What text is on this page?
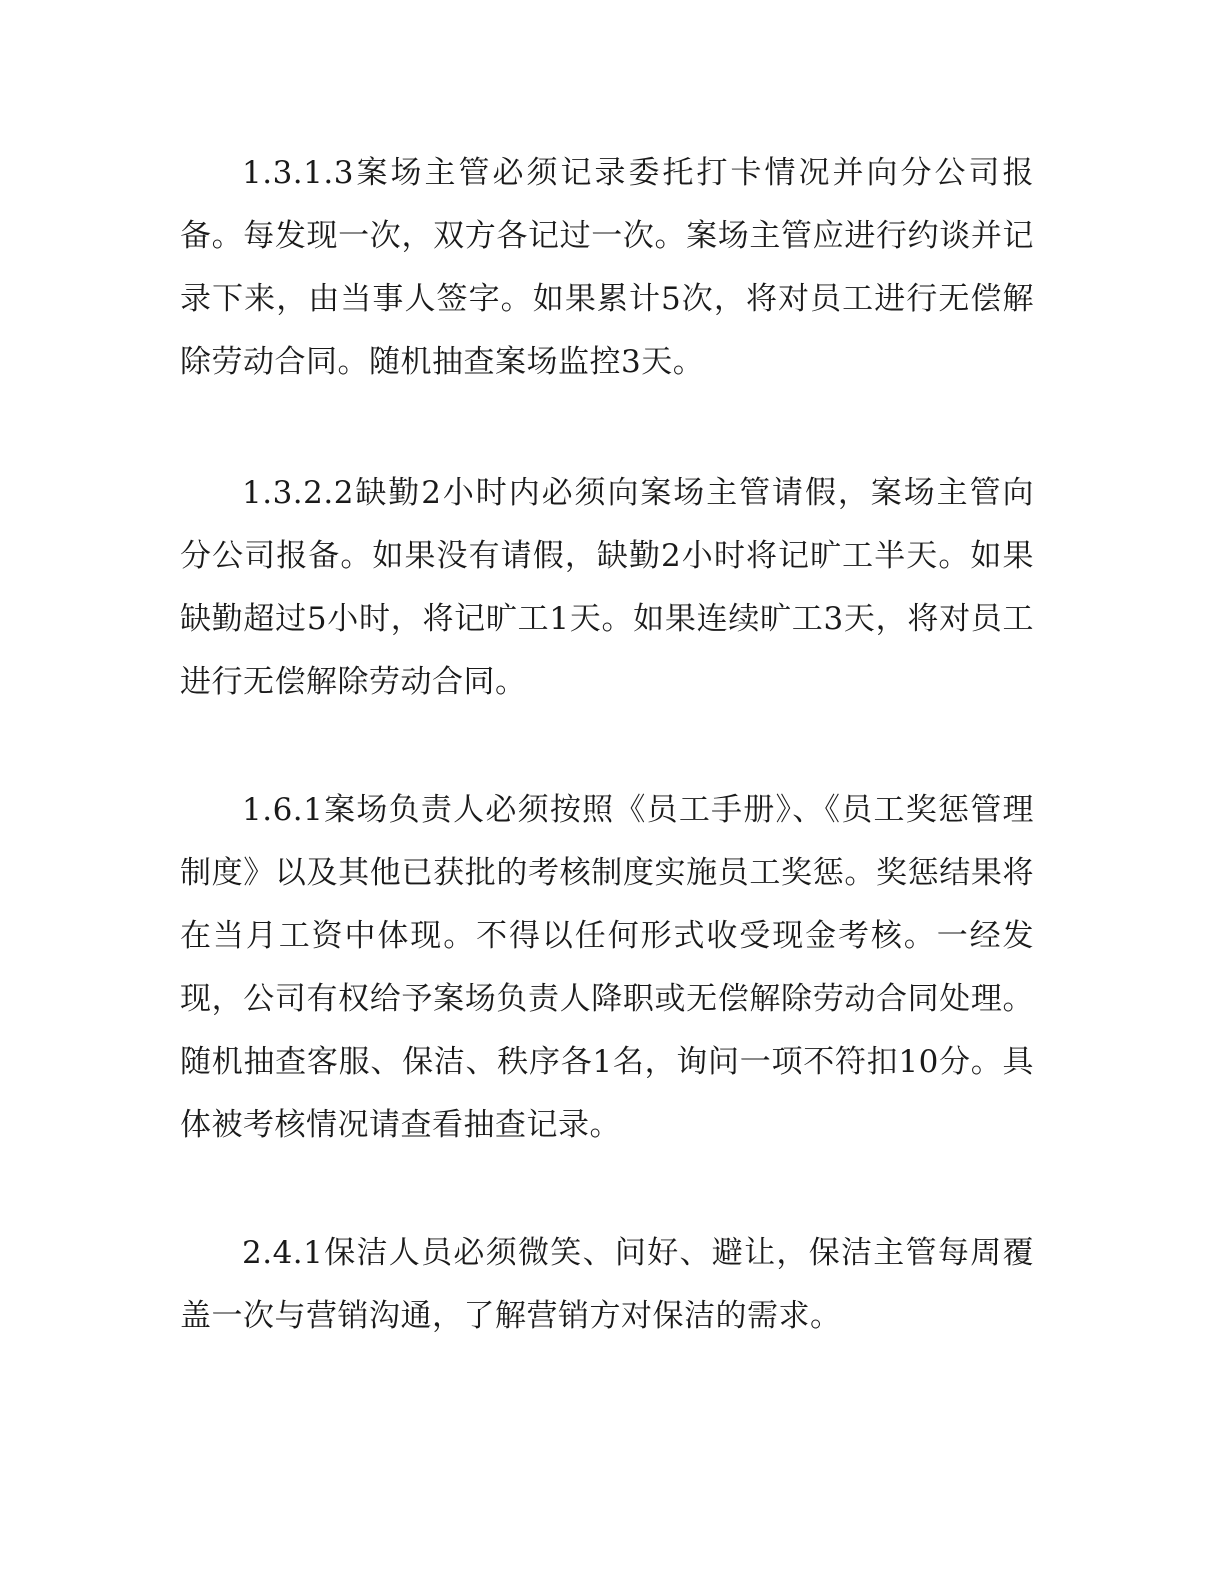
1.3.1.3案场主管必须记录委托打卡情况并向分公司报备。每发现一次，双方各记过一次。案场主管应进行约谈并记录下来，由当事人签字。如果累计5次，将对员工进行无偿解除劳动合同。随机抽查案场监控3天。

1.3.2.2缺勤2小时内必须向案场主管请假，案场主管向分公司报备。如果没有请假，缺勤2小时将记旷工半天。如果缺勤超过5小时，将记旷工1天。如果连续旷工3天，将对员工进行无偿解除劳动合同。

1.6.1案场负责人必须按照《员工手册》、《员工奖惩管理制度》以及其他已获批的考核制度实施员工奖惩。奖惩结果将在当月工资中体现。不得以任何形式收受现金考核。一经发现，公司有权给予案场负责人降职或无偿解除劳动合同处理。随机抽查客服、保洁、秩序各1名，询问一项不符扣10分。具体被考核情况请查看抽查记录。

2.4.1保洁人员必须微笑、问好、避让，保洁主管每周覆盖一次与营销沟通，了解营销方对保洁的需求。
